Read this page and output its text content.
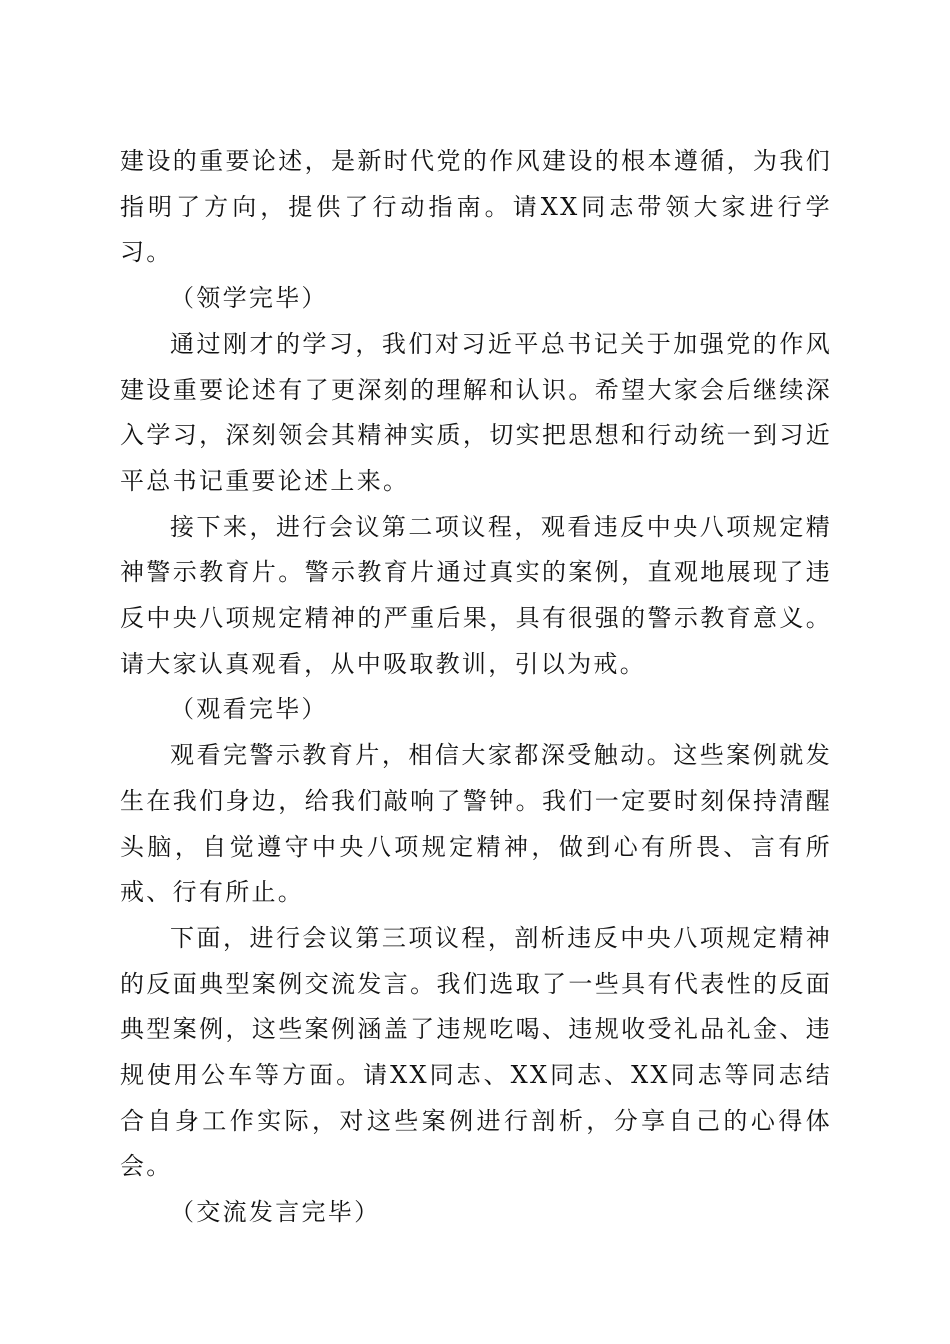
建设的重要论述，是新时代党的作风建设的根本遵循，为我们指明了方向，提供了行动指南。请XX同志带领大家进行学习。

（领学完毕）

通过刚才的学习，我们对习近平总书记关于加强党的作风建设重要论述有了更深刻的理解和认识。希望大家会后继续深入学习，深刻领会其精神实质，切实把思想和行动统一到习近平总书记重要论述上来。

接下来，进行会议第二项议程，观看违反中央八项规定精神警示教育片。警示教育片通过真实的案例，直观地展现了违反中央八项规定精神的严重后果，具有很强的警示教育意义。请大家认真观看，从中吸取教训，引以为戒。

（观看完毕）

观看完警示教育片，相信大家都深受触动。这些案例就发生在我们身边，给我们敲响了警钟。我们一定要时刻保持清醒头脑，自觉遵守中央八项规定精神，做到心有所畏、言有所戒、行有所止。

下面，进行会议第三项议程，剖析违反中央八项规定精神的反面典型案例交流发言。我们选取了一些具有代表性的反面典型案例，这些案例涵盖了违规吃喝、违规收受礼品礼金、违规使用公车等方面。请XX同志、XX同志、XX同志等同志结合自身工作实际，对这些案例进行剖析，分享自己的心得体会。

（交流发言完毕）
